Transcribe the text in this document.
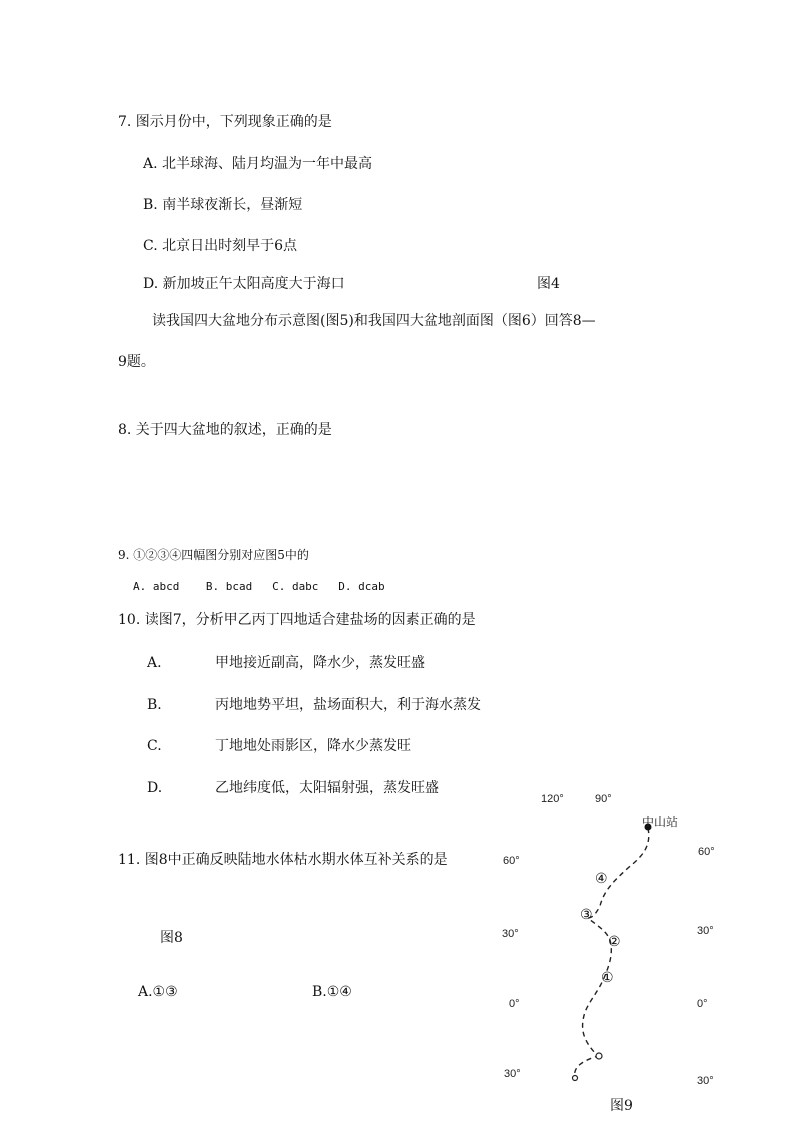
7. 图示月份中，下列现象正确的是
A. 北半球海、陆月均温为一年中最高
B. 南半球夜渐长，昼渐短
C. 北京日出时刻早于6点
D. 新加坡正午太阳高度大于海口	图4
读我国四大盆地分布示意图(图5)和我国四大盆地剖面图（图6）回答8—
9题。
8. 关于四大盆地的叙述，正确的是
9. ①②③④四幅图分别对应图5中的
A. abcd    B. bcad   C. dabc   D. dcab
10. 读图7，分析甲乙丙丁四地适合建盐场的因素正确的是
A.	甲地接近副高，降水少，蒸发旺盛
B.	丙地地势平坦，盐场面积大，利于海水蒸发
C.	丁地地处雨影区，降水少蒸发旺
D.	乙地纬度低，太阳辐射强，蒸发旺盛
11. 图8中正确反映陆地水体枯水期水体互补关系的是
图8
A.①③	B.①④
120°	90°
中山站
60°
30°
0°
30°
60°
30°
0°
30°
④
③
②
①
图9
